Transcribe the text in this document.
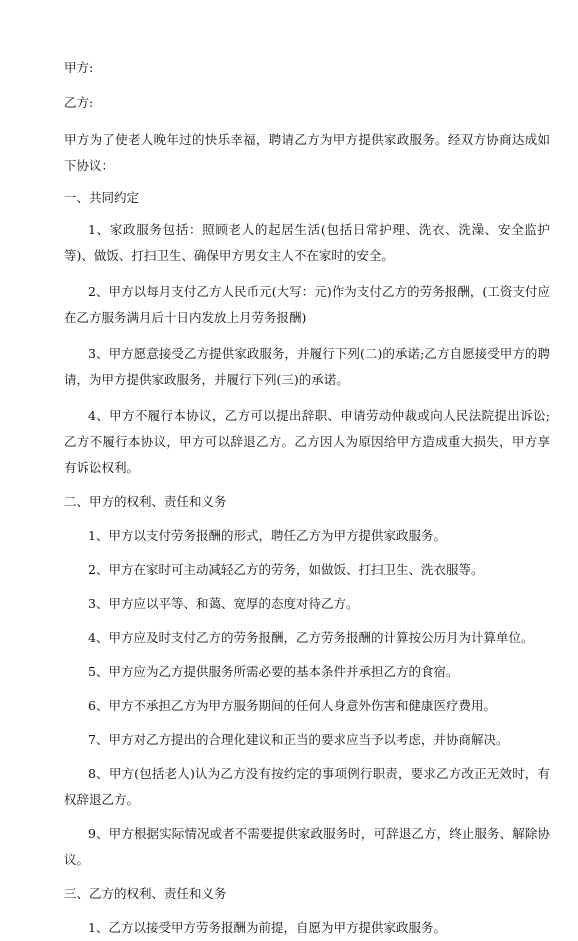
甲方:

乙方:

甲方为了使老人晚年过的快乐幸福，聘请乙方为甲方提供家政服务。经双方协商达成如下协议：

一、共同约定

1、家政服务包括：照顾老人的起居生活(包括日常护理、洗衣、洗澡、安全监护等)、做饭、打扫卫生、确保甲方男女主人不在家时的安全。

2、甲方以每月支付乙方人民币元(大写：元)作为支付乙方的劳务报酬，(工资支付应在乙方服务满月后十日内发放上月劳务报酬)

3、甲方愿意接受乙方提供家政服务，并履行下列(二)的承诺;乙方自愿接受甲方的聘请，为甲方提供家政服务，并履行下列(三)的承诺。

4、甲方不履行本协议，乙方可以提出辞职、申请劳动仲裁或向人民法院提出诉讼;乙方不履行本协议，甲方可以辞退乙方。乙方因人为原因给甲方造成重大损失，甲方享有诉讼权利。

二、甲方的权利、责任和义务

1、甲方以支付劳务报酬的形式，聘任乙方为甲方提供家政服务。

2、甲方在家时可主动减轻乙方的劳务，如做饭、打扫卫生、洗衣服等。

3、甲方应以平等、和蔼、宽厚的态度对待乙方。

4、甲方应及时支付乙方的劳务报酬，乙方劳务报酬的计算按公历月为计算单位。

5、甲方应为乙方提供服务所需必要的基本条件并承担乙方的食宿。

6、甲方不承担乙方为甲方服务期间的任何人身意外伤害和健康医疗费用。

7、甲方对乙方提出的合理化建议和正当的要求应当予以考虑，并协商解决。

8、甲方(包括老人)认为乙方没有按约定的事项例行职责，要求乙方改正无效时，有权辞退乙方。

9、甲方根据实际情况或者不需要提供家政服务时，可辞退乙方，终止服务、解除协议。

三、乙方的权利、责任和义务

1、乙方以接受甲方劳务报酬为前提，自愿为甲方提供家政服务。
